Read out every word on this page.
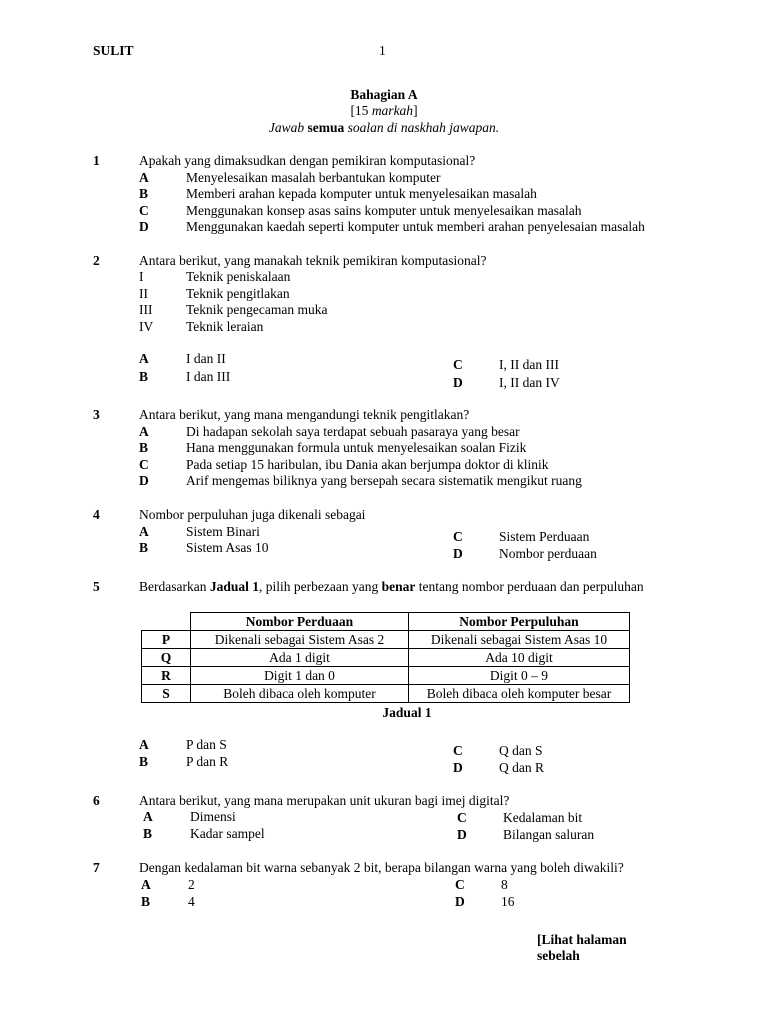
SULIT	1
Bahagian A
[15 markah]
Jawab semua soalan di naskhah jawapan.
1	Apakah yang dimaksudkan dengan pemikiran komputasional?
A	Menyelesaikan masalah berbantukan komputer
B	Memberi arahan kepada komputer untuk menyelesaikan masalah
C	Menggunakan konsep asas sains komputer untuk menyelesaikan masalah
D	Menggunakan kaedah seperti komputer untuk memberi arahan penyelesaian masalah
2	Antara berikut, yang manakah teknik pemikiran komputasional?
I	Teknik peniskalaan
II	Teknik pengitlakan
III Teknik pengecaman muka
IV Teknik leraian
A	I dan II
B	I dan III
C	I, II dan III
D	I, II dan IV
3	Antara berikut, yang mana mengandungi teknik pengitlakan?
A	Di hadapan sekolah saya terdapat sebuah pasaraya yang besar
B	Hana menggunakan formula untuk menyelesaikan soalan Fizik
C	Pada setiap 15 haribulan, ibu Dania akan berjumpa doktor di klinik
D	Arif mengemas biliknya yang bersepah secara sistematik mengikut ruang
4	Nombor perpuluhan juga dikenali sebagai
A	Sistem Binari
B	Sistem Asas 10
C	Sistem Perduaan
D	Nombor perduaan
5	Berdasarkan Jadual 1, pilih perbezaan yang benar tentang nombor perduaan dan perpuluhan
	Nombor Perduaan	Nombor Perpuluhan
P	Dikenali sebagai Sistem Asas 2	Dikenali sebagai Sistem Asas 10
Q	Ada 1 digit	Ada 10 digit
R	Digit 1 dan 0	Digit 0 – 9
S	Boleh dibaca oleh komputer	Boleh dibaca oleh komputer besar
Jadual 1
A	P dan S
B	P dan R
C	Q dan S
D	Q dan R
6	Antara berikut, yang mana merupakan unit ukuran bagi imej digital?
A	Dimensi
B	Kadar sampel
C	Kedalaman bit
D	Bilangan saluran
7	Dengan kedalaman bit warna sebanyak 2 bit, berapa bilangan warna yang boleh diwakili?
A	2
B	4
C	8
D	16
[Lihat halaman
sebelah
